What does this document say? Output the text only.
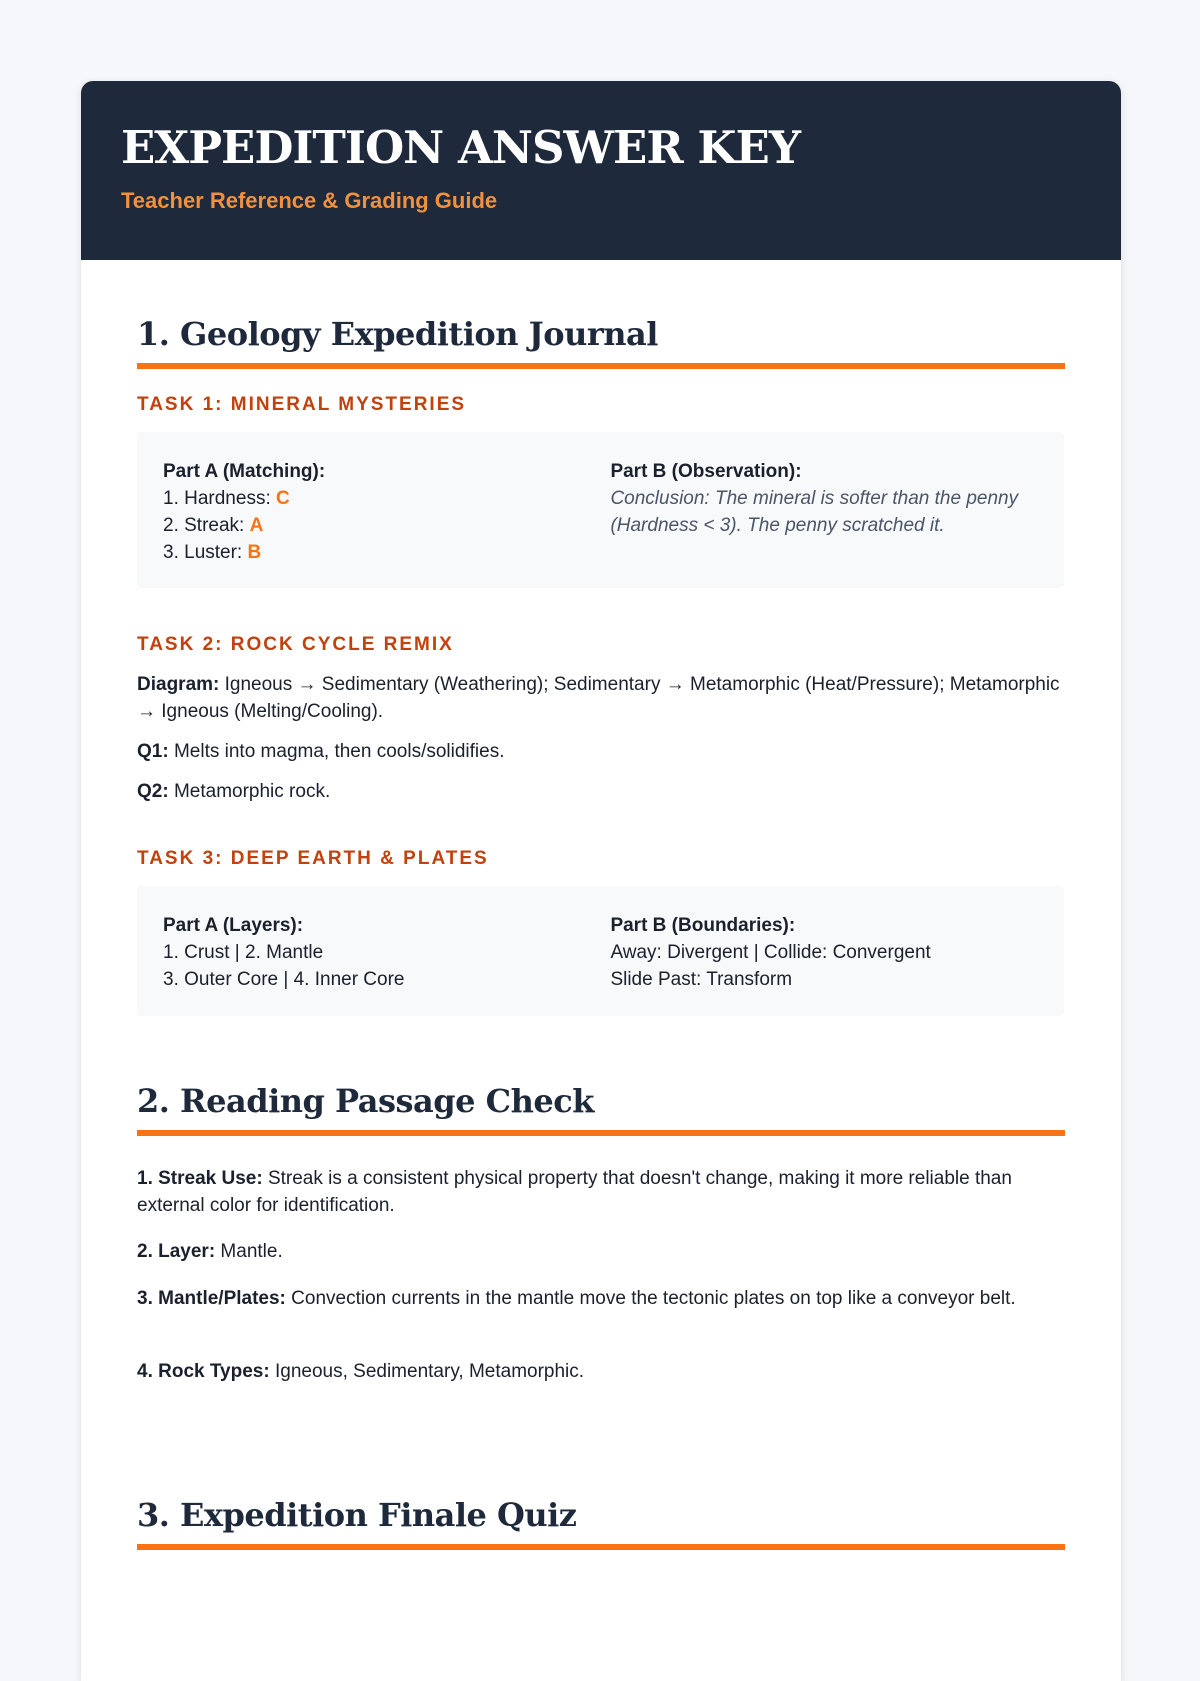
EXPEDITION ANSWER KEY
Teacher Reference & Grading Guide
1. Geology Expedition Journal
TASK 1: MINERAL MYSTERIES
Part A (Matching):
1. Hardness: C
2. Streak: A
3. Luster: B
Part B (Observation):
Conclusion: The mineral is softer than the penny (Hardness < 3). The penny scratched it.
TASK 2: ROCK CYCLE REMIX
Diagram: Igneous → Sedimentary (Weathering); Sedimentary → Metamorphic (Heat/Pressure); Metamorphic → Igneous (Melting/Cooling).
Q1: Melts into magma, then cools/solidifies.
Q2: Metamorphic rock.
TASK 3: DEEP EARTH & PLATES
Part A (Layers):
1. Crust | 2. Mantle
3. Outer Core | 4. Inner Core
Part B (Boundaries):
Away: Divergent | Collide: Convergent
Slide Past: Transform
2. Reading Passage Check
1. Streak Use: Streak is a consistent physical property that doesn't change, making it more reliable than external color for identification.
2. Layer: Mantle.
3. Mantle/Plates: Convection currents in the mantle move the tectonic plates on top like a conveyor belt.
4. Rock Types: Igneous, Sedimentary, Metamorphic.
3. Expedition Finale Quiz
